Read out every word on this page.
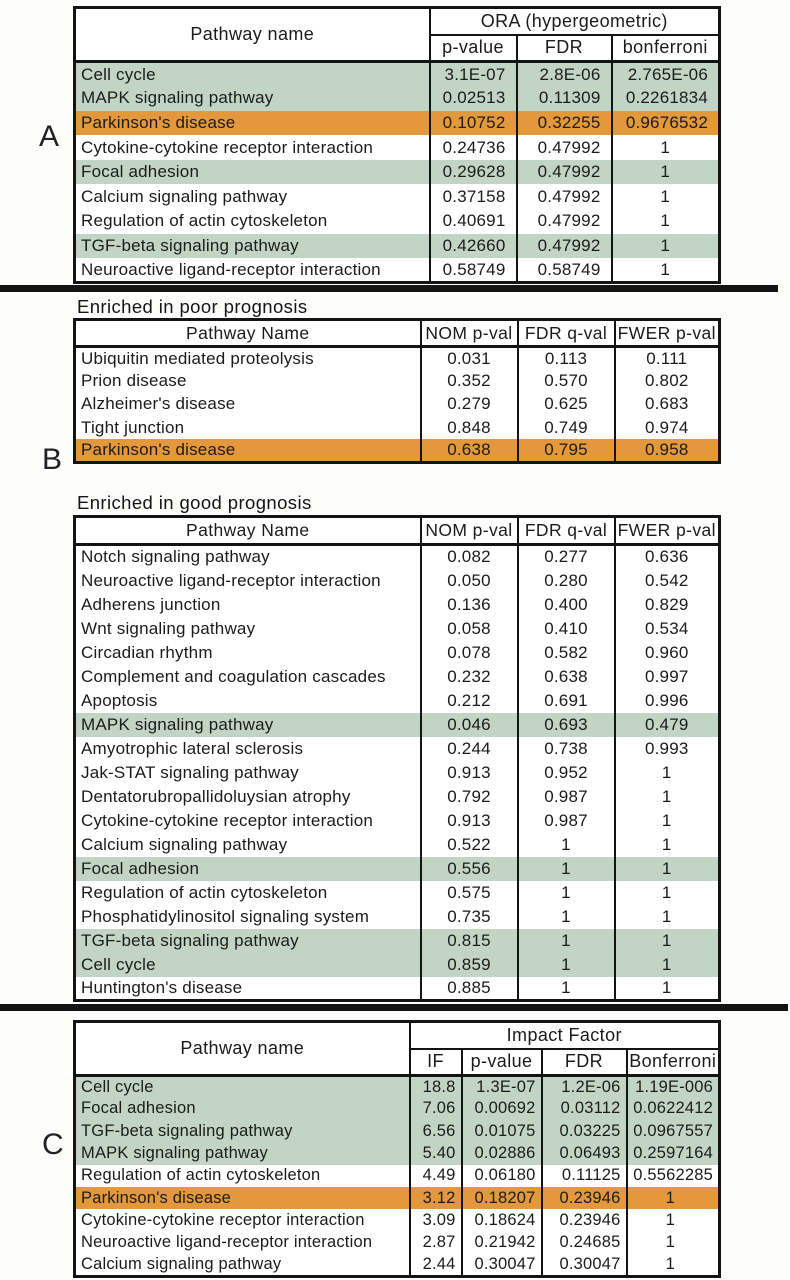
A
Pathway name	ORA (hypergeometric)		
	p-value	FDR	bonferroni
Cell cycle	3.1E-07	2.8E-06	2.765E-06
MAPK signaling pathway	0.02513	0.11309	0.2261834
Parkinson's disease	0.10752	0.32255	0.9676532
Cytokine-cytokine receptor interaction	0.24736	0.47992	1
Focal adhesion	0.29628	0.47992	1
Calcium signaling pathway	0.37158	0.47992	1
Regulation of actin cytoskeleton	0.40691	0.47992	1
TGF-beta signaling pathway	0.42660	0.47992	1
Neuroactive ligand-receptor interaction	0.58749	0.58749	1
Enriched in poor prognosis
Pathway Name	NOM p-val	FDR q-val	FWER p-val
Ubiquitin mediated proteolysis	0.031	0.113	0.111
Prion disease	0.352	0.570	0.802
Alzheimer's disease	0.279	0.625	0.683
Tight junction	0.848	0.749	0.974
Parkinson's disease	0.638	0.795	0.958
B
Enriched in good prognosis
Pathway Name	NOM p-val	FDR q-val	FWER p-val
Notch signaling pathway	0.082	0.277	0.636
Neuroactive ligand-receptor interaction	0.050	0.280	0.542
Adherens junction	0.136	0.400	0.829
Wnt signaling pathway	0.058	0.410	0.534
Circadian rhythm	0.078	0.582	0.960
Complement and coagulation cascades	0.232	0.638	0.997
Apoptosis	0.212	0.691	0.996
MAPK signaling pathway	0.046	0.693	0.479
Amyotrophic lateral sclerosis	0.244	0.738	0.993
Jak-STAT signaling pathway	0.913	0.952	1
Dentatorubropallidoluysian atrophy	0.792	0.987	1
Cytokine-cytokine receptor interaction	0.913	0.987	1
Calcium signaling pathway	0.522	1	1
Focal adhesion	0.556	1	1
Regulation of actin cytoskeleton	0.575	1	1
Phosphatidylinositol signaling system	0.735	1	1
TGF-beta signaling pathway	0.815	1	1
Cell cycle	0.859	1	1
Huntington's disease	0.885	1	1
C
Pathway name	Impact Factor			
	IF	p-value	FDR	Bonferroni
Cell cycle	18.8	1.3E-07	1.2E-06	1.19E-006
Focal adhesion	7.06	0.00692	0.03112	0.0622412
TGF-beta signaling pathway	6.56	0.01075	0.03225	0.0967557
MAPK signaling pathway	5.40	0.02886	0.06493	0.2597164
Regulation of actin cytoskeleton	4.49	0.06180	0.11125	0.5562285
Parkinson's disease	3.12	0.18207	0.23946	1
Cytokine-cytokine receptor interaction	3.09	0.18624	0.23946	1
Neuroactive ligand-receptor interaction	2.87	0.21942	0.24685	1
Calcium signaling pathway	2.44	0.30047	0.30047	1
